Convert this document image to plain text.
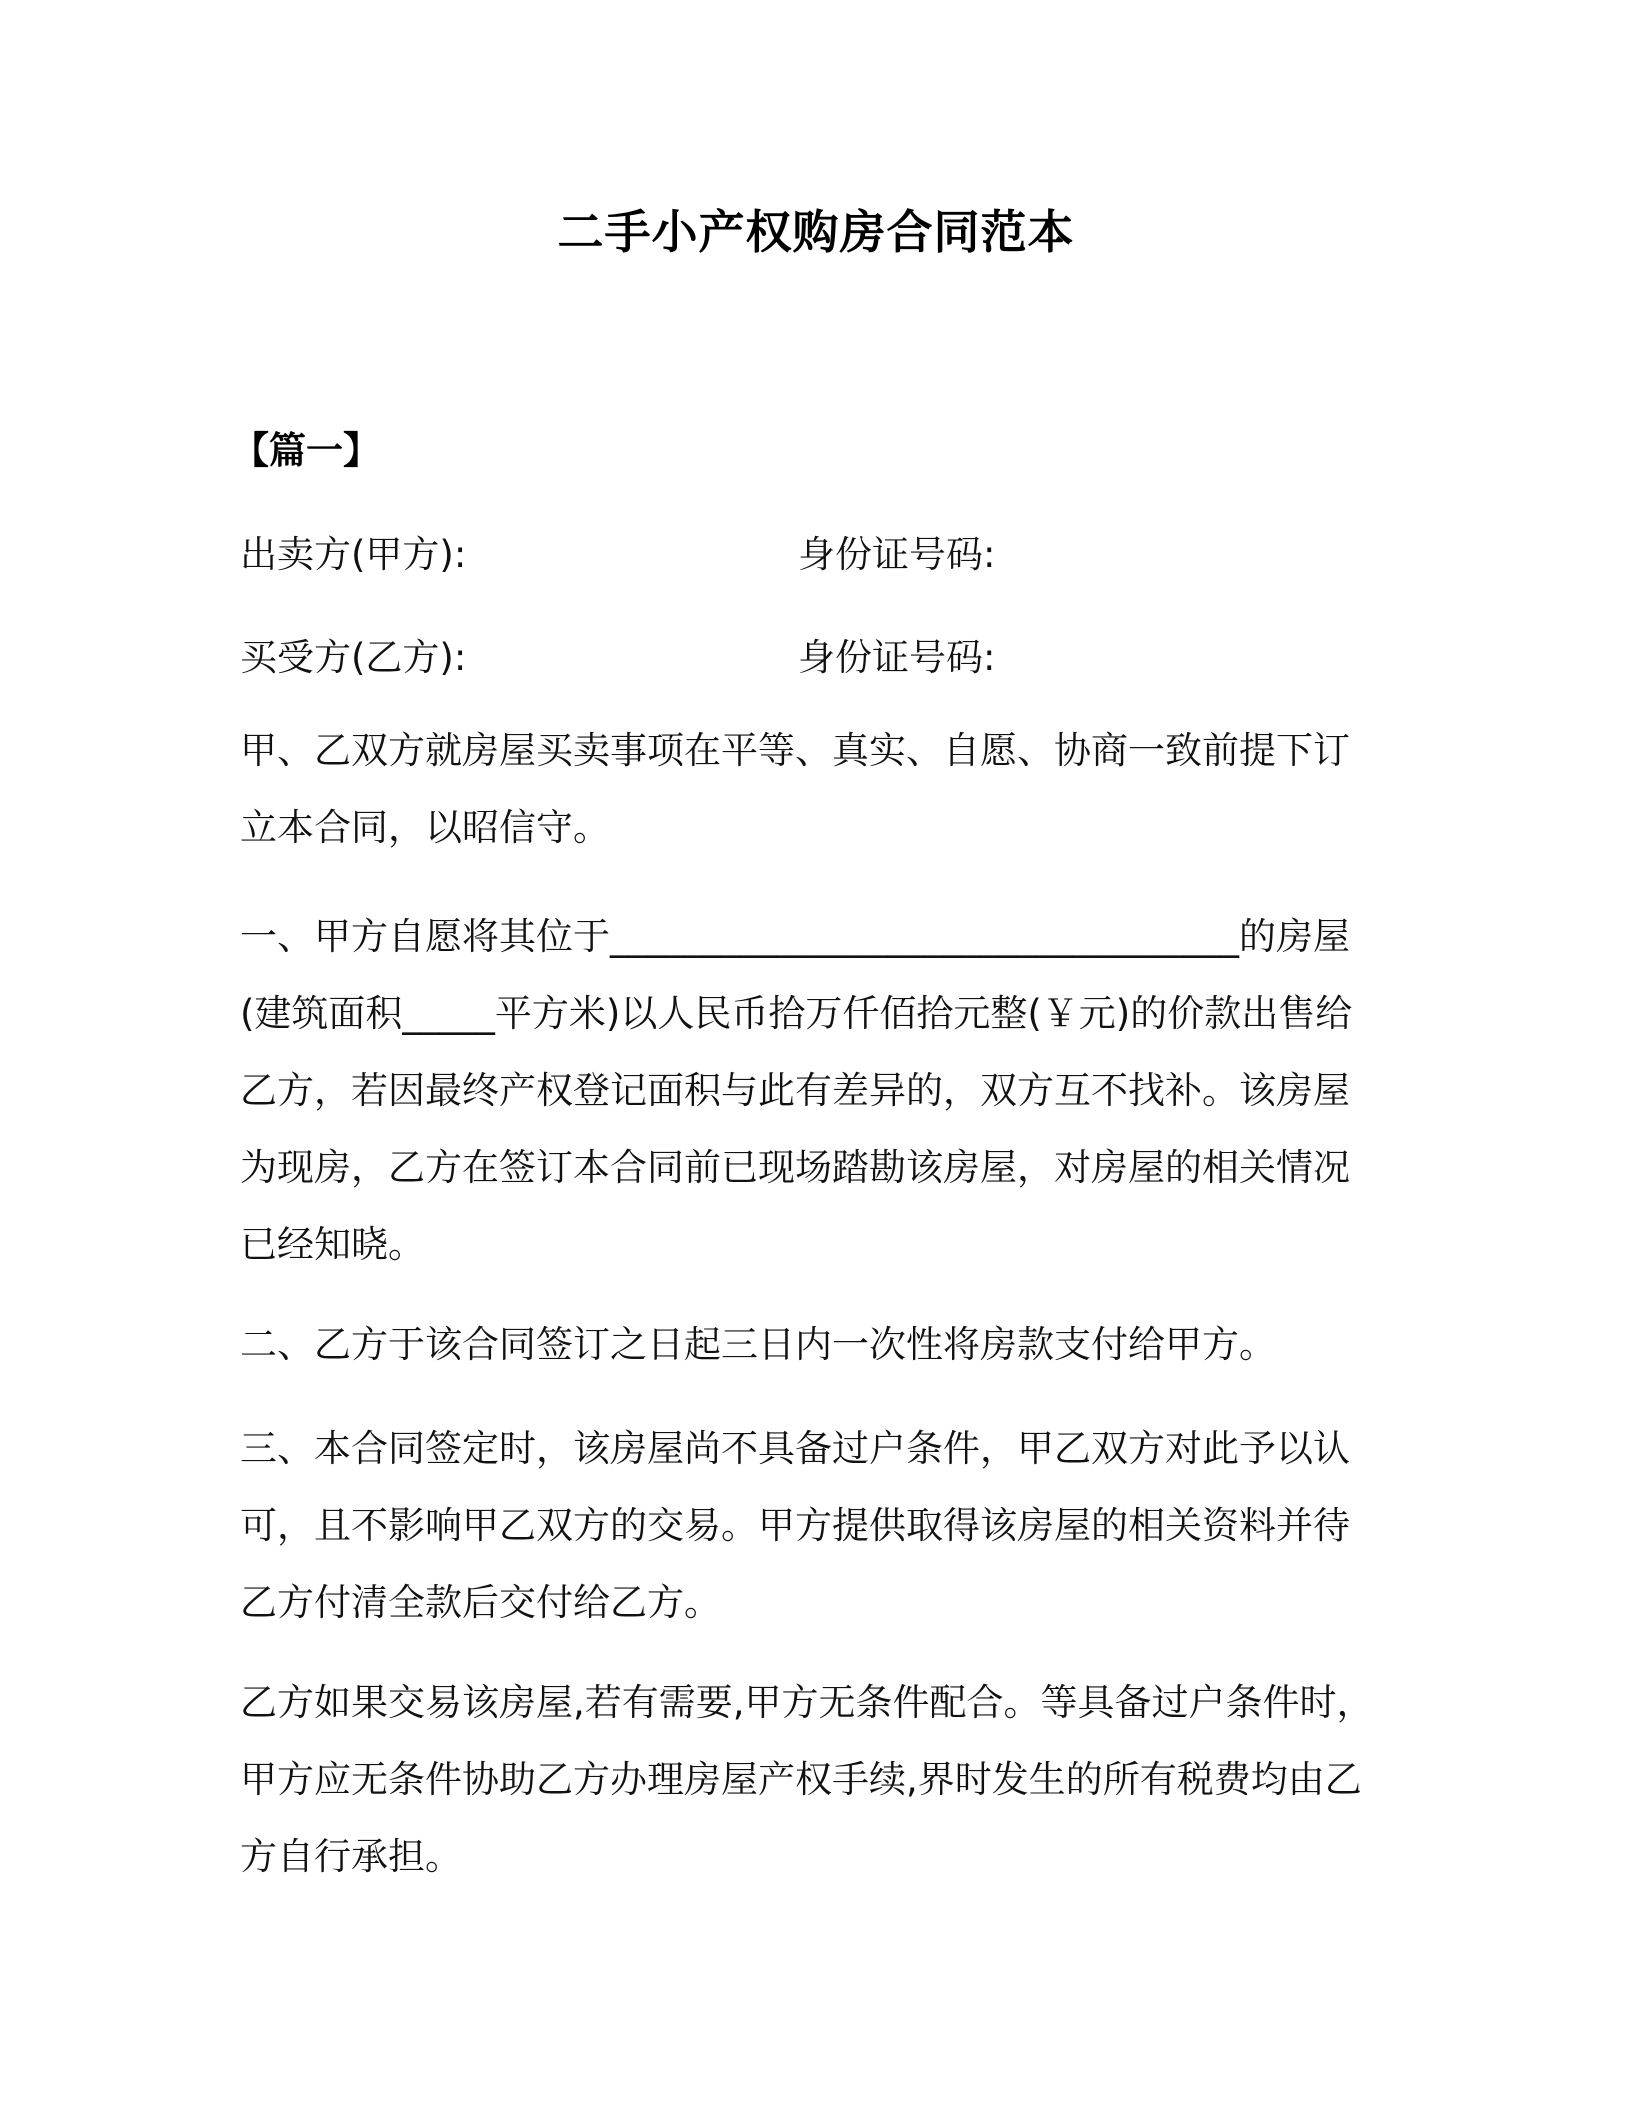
二手小产权购房合同范本
【篇一】
出卖方(甲方):	身份证号码:
买受方(乙方):	身份证号码:
甲、乙双方就房屋买卖事项在平等、真实、自愿、协商一致前提下订
立本合同，以昭信守。
一、甲方自愿将其位于__________________________________的房屋
(建筑面积_____平方米)以人民币拾万仟佰拾元整(￥元)的价款出售给
乙方，若因最终产权登记面积与此有差异的，双方互不找补。该房屋
为现房，乙方在签订本合同前已现场踏勘该房屋，对房屋的相关情况
已经知晓。
二、乙方于该合同签订之日起三日内一次性将房款支付给甲方。
三、本合同签定时，该房屋尚不具备过户条件，甲乙双方对此予以认
可，且不影响甲乙双方的交易。甲方提供取得该房屋的相关资料并待
乙方付清全款后交付给乙方。
乙方如果交易该房屋,若有需要,甲方无条件配合。等具备过户条件时，
甲方应无条件协助乙方办理房屋产权手续,界时发生的所有税费均由乙
方自行承担。
